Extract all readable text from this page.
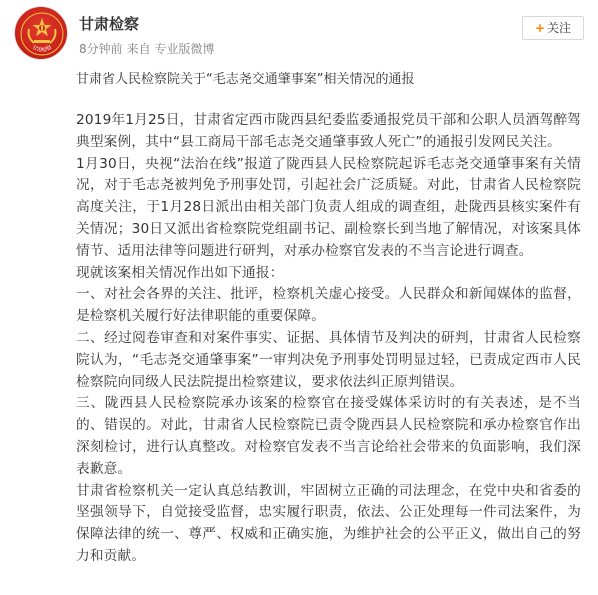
甘肃检察
甘肃检察
8分钟前 来自 专业版微博
+ 关注
甘肃省人民检察院关于“毛志尧交通肇事案”相关情况的通报

2019年1月25日，甘肃省定西市陇西县纪委监委通报党员干部和公职人员酒驾醉驾典型案例，其中“县工商局干部毛志尧交通肇事致人死亡”的通报引发网民关注。

1月30日，央视“法治在线”报道了陇西县人民检察院起诉毛志尧交通肇事案有关情况，对于毛志尧被判免予刑事处罚，引起社会广泛质疑。对此，甘肃省人民检察院高度关注，于1月28日派出由相关部门负责人组成的调查组，赴陇西县核实案件有关情况；30日又派出省检察院党组副书记、副检察长到当地了解情况，对该案具体情节、适用法律等问题进行研判，对承办检察官发表的不当言论进行调查。

现就该案相关情况作出如下通报：

一、对社会各界的关注、批评，检察机关虚心接受。人民群众和新闻媒体的监督，是检察机关履行好法律职能的重要保障。

二、经过阅卷审查和对案件事实、证据、具体情节及判决的研判，甘肃省人民检察院认为，“毛志尧交通肇事案”一审判决免予刑事处罚明显过轻，已责成定西市人民检察院向同级人民法院提出检察建议，要求依法纠正原判错误。

三、陇西县人民检察院承办该案的检察官在接受媒体采访时的有关表述，是不当的、错误的。对此，甘肃省人民检察院已责令陇西县人民检察院和承办检察官作出深刻检讨，进行认真整改。对检察官发表不当言论给社会带来的负面影响，我们深表歉意。

甘肃省检察机关一定认真总结教训，牢固树立正确的司法理念，在党中央和省委的坚强领导下，自觉接受监督，忠实履行职责，依法、公正处理每一件司法案件，为保障法律的统一、尊严、权威和正确实施，为维护社会的公平正义，做出自己的努力和贡献。
